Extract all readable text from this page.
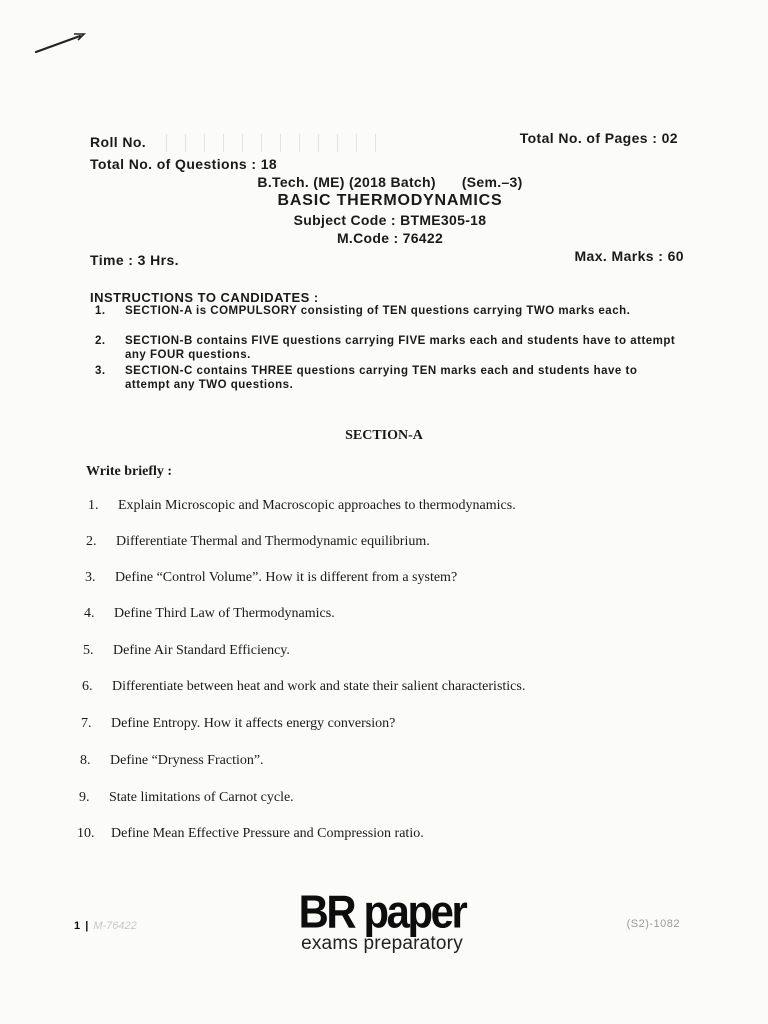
Roll No.	Total No. of Pages : 02
Total No. of Questions : 18
B.Tech. (ME) (2018 Batch) (Sem.–3)
BASIC THERMODYNAMICS
Subject Code : BTME305-18
M.Code : 76422
Time : 3 Hrs.	Max. Marks : 60
INSTRUCTIONS TO CANDIDATES :
1. SECTION-A is COMPULSORY consisting of TEN questions carrying TWO marks each.
2. SECTION-B contains FIVE questions carrying FIVE marks each and students have to attempt any FOUR questions.
3. SECTION-C contains THREE questions carrying TEN marks each and students have to attempt any TWO questions.
SECTION-A
Write briefly :
1. Explain Microscopic and Macroscopic approaches to thermodynamics.
2. Differentiate Thermal and Thermodynamic equilibrium.
3. Define “Control Volume”. How it is different from a system?
4. Define Third Law of Thermodynamics.
5. Define Air Standard Efficiency.
6. Differentiate between heat and work and state their salient characteristics.
7. Define Entropy. How it affects energy conversion?
8. Define “Dryness Fraction”.
9. State limitations of Carnot cycle.
10. Define Mean Effective Pressure and Compression ratio.
1 | M-76422	BR paper
exams preparatory
(S2)-1082
